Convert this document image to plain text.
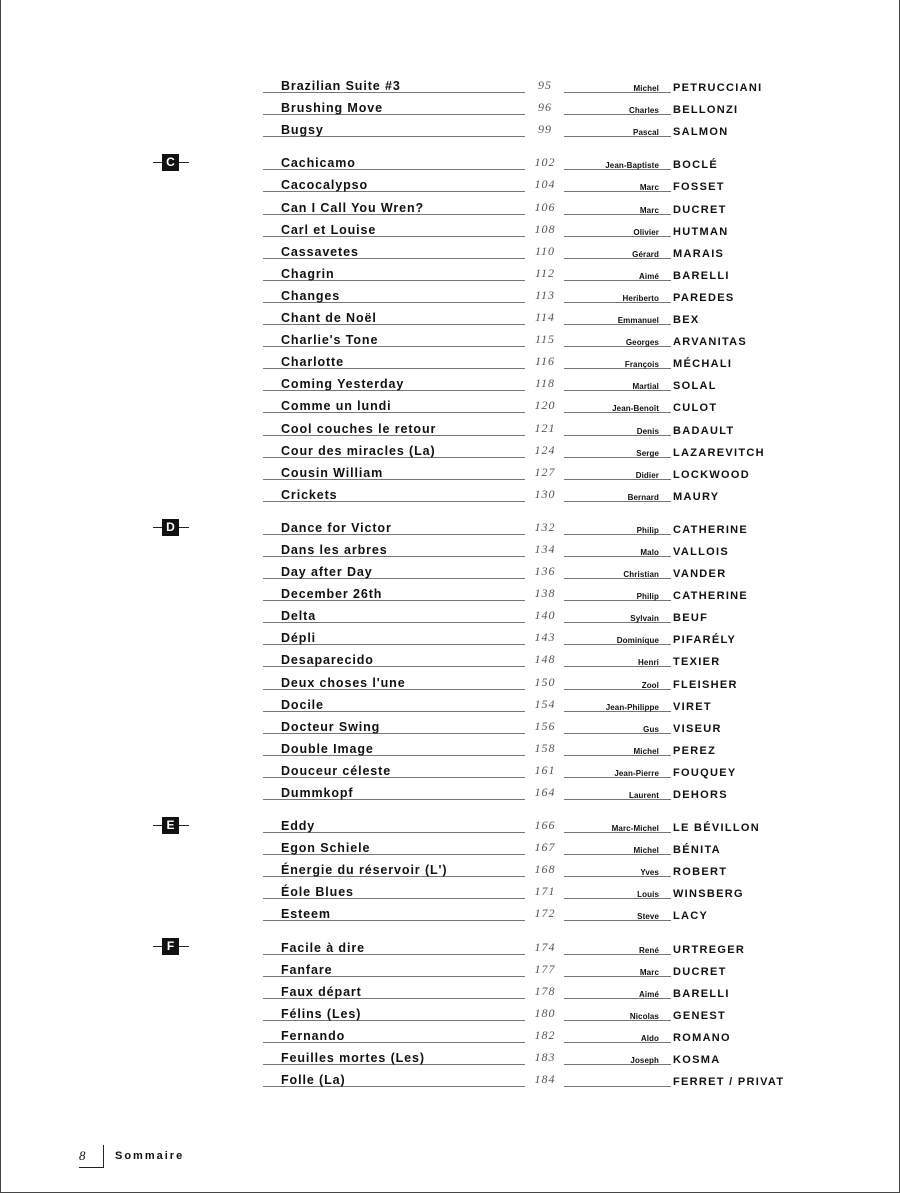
Brazilian Suite #3	95	Michel PETRUCCIANI
Brushing Move	96	Charles BELLONZI
Bugsy	99	Pascal SALMON
C	Cachicamo	102	Jean-Baptiste BOCLÉ
Cacocalypso	104	Marc FOSSET
Can I Call You Wren?	106	Marc DUCRET
Carl et Louise	108	Olivier HUTMAN
Cassavetes	110	Gérard MARAIS
Chagrin	112	Aimé BARELLI
Changes	113	Heriberto PAREDES
Chant de Noël	114	Emmanuel BEX
Charlie's Tone	115	Georges ARVANITAS
Charlotte	116	François MÉCHALI
Coming Yesterday	118	Martial SOLAL
Comme un lundi	120	Jean-Benoît CULOT
Cool couches le retour	121	Denis BADAULT
Cour des miracles (La)	124	Serge LAZAREVITCH
Cousin William	127	Didier LOCKWOOD
Crickets	130	Bernard MAURY
D	Dance for Victor	132	Philip CATHERINE
Dans les arbres	134	Malo VALLOIS
Day after Day	136	Christian VANDER
December 26th	138	Philip CATHERINE
Delta	140	Sylvain BEUF
Dépli	143	Dominique PIFARÉLY
Desaparecido	148	Henri TEXIER
Deux choses l'une	150	Zool FLEISHER
Docile	154	Jean-Philippe VIRET
Docteur Swing	156	Gus VISEUR
Double Image	158	Michel PEREZ
Douceur céleste	161	Jean-Pierre FOUQUEY
Dummkopf	164	Laurent DEHORS
E	Eddy	166	Marc-Michel LE BÉVILLON
Egon Schiele	167	Michel BÉNITA
Énergie du réservoir (L')	168	Yves ROBERT
Éole Blues	171	Louis WINSBERG
Esteem	172	Steve LACY
F	Facile à dire	174	René URTREGER
Fanfare	177	Marc DUCRET
Faux départ	178	Aimé BARELLI
Félins (Les)	180	Nicolas GENEST
Fernando	182	Aldo ROMANO
Feuilles mortes (Les)	183	Joseph KOSMA
Folle (La)	184	FERRET / PRIVAT
8	Sommaire
